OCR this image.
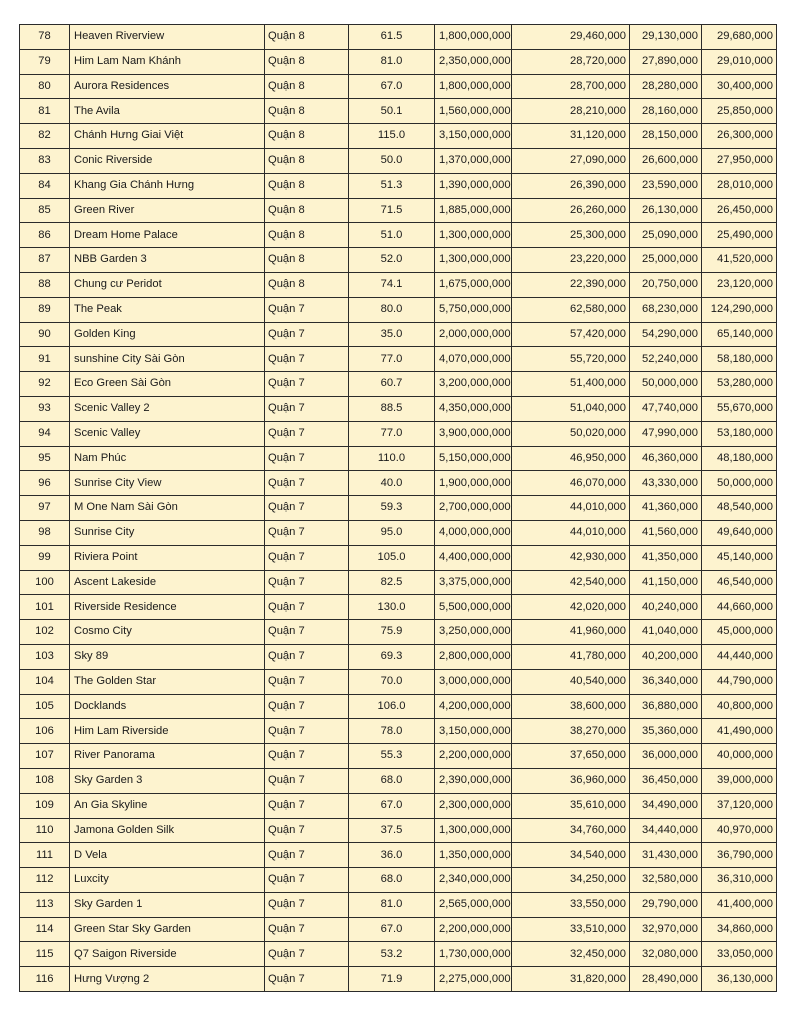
78	Heaven Riverview	Quận 8	61.5	1,800,000,000	29,460,000	29,130,000	29,680,000
79	Him Lam Nam Khánh	Quận 8	81.0	2,350,000,000	28,720,000	27,890,000	29,010,000
80	Aurora Residences	Quận 8	67.0	1,800,000,000	28,700,000	28,280,000	30,400,000
81	The Avila	Quận 8	50.1	1,560,000,000	28,210,000	28,160,000	25,850,000
82	Chánh Hưng Giai Việt	Quận 8	115.0	3,150,000,000	31,120,000	28,150,000	26,300,000
83	Conic Riverside	Quận 8	50.0	1,370,000,000	27,090,000	26,600,000	27,950,000
84	Khang Gia Chánh Hưng	Quận 8	51.3	1,390,000,000	26,390,000	23,590,000	28,010,000
85	Green River	Quận 8	71.5	1,885,000,000	26,260,000	26,130,000	26,450,000
86	Dream Home Palace	Quận 8	51.0	1,300,000,000	25,300,000	25,090,000	25,490,000
87	NBB Garden 3	Quận 8	52.0	1,300,000,000	23,220,000	25,000,000	41,520,000
88	Chung cư Peridot	Quận 8	74.1	1,675,000,000	22,390,000	20,750,000	23,120,000
89	The Peak	Quận 7	80.0	5,750,000,000	62,580,000	68,230,000	124,290,000
90	Golden King	Quận 7	35.0	2,000,000,000	57,420,000	54,290,000	65,140,000
91	sunshine City Sài Gòn	Quận 7	77.0	4,070,000,000	55,720,000	52,240,000	58,180,000
92	Eco Green Sài Gòn	Quận 7	60.7	3,200,000,000	51,400,000	50,000,000	53,280,000
93	Scenic Valley 2	Quận 7	88.5	4,350,000,000	51,040,000	47,740,000	55,670,000
94	Scenic Valley	Quận 7	77.0	3,900,000,000	50,020,000	47,990,000	53,180,000
95	Nam Phúc	Quận 7	110.0	5,150,000,000	46,950,000	46,360,000	48,180,000
96	Sunrise City View	Quận 7	40.0	1,900,000,000	46,070,000	43,330,000	50,000,000
97	M One Nam Sài Gòn	Quận 7	59.3	2,700,000,000	44,010,000	41,360,000	48,540,000
98	Sunrise City	Quận 7	95.0	4,000,000,000	44,010,000	41,560,000	49,640,000
99	Riviera Point	Quận 7	105.0	4,400,000,000	42,930,000	41,350,000	45,140,000
100	Ascent Lakeside	Quận 7	82.5	3,375,000,000	42,540,000	41,150,000	46,540,000
101	Riverside Residence	Quận 7	130.0	5,500,000,000	42,020,000	40,240,000	44,660,000
102	Cosmo City	Quận 7	75.9	3,250,000,000	41,960,000	41,040,000	45,000,000
103	Sky 89	Quận 7	69.3	2,800,000,000	41,780,000	40,200,000	44,440,000
104	The Golden Star	Quận 7	70.0	3,000,000,000	40,540,000	36,340,000	44,790,000
105	Docklands	Quận 7	106.0	4,200,000,000	38,600,000	36,880,000	40,800,000
106	Him Lam Riverside	Quận 7	78.0	3,150,000,000	38,270,000	35,360,000	41,490,000
107	River Panorama	Quận 7	55.3	2,200,000,000	37,650,000	36,000,000	40,000,000
108	Sky Garden 3	Quận 7	68.0	2,390,000,000	36,960,000	36,450,000	39,000,000
109	An Gia Skyline	Quận 7	67.0	2,300,000,000	35,610,000	34,490,000	37,120,000
110	Jamona Golden Silk	Quận 7	37.5	1,300,000,000	34,760,000	34,440,000	40,970,000
111	D Vela	Quận 7	36.0	1,350,000,000	34,540,000	31,430,000	36,790,000
112	Luxcity	Quận 7	68.0	2,340,000,000	34,250,000	32,580,000	36,310,000
113	Sky Garden 1	Quận 7	81.0	2,565,000,000	33,550,000	29,790,000	41,400,000
114	Green Star Sky Garden	Quận 7	67.0	2,200,000,000	33,510,000	32,970,000	34,860,000
115	Q7 Saigon Riverside	Quận 7	53.2	1,730,000,000	32,450,000	32,080,000	33,050,000
116	Hưng Vượng 2	Quận 7	71.9	2,275,000,000	31,820,000	28,490,000	36,130,000
